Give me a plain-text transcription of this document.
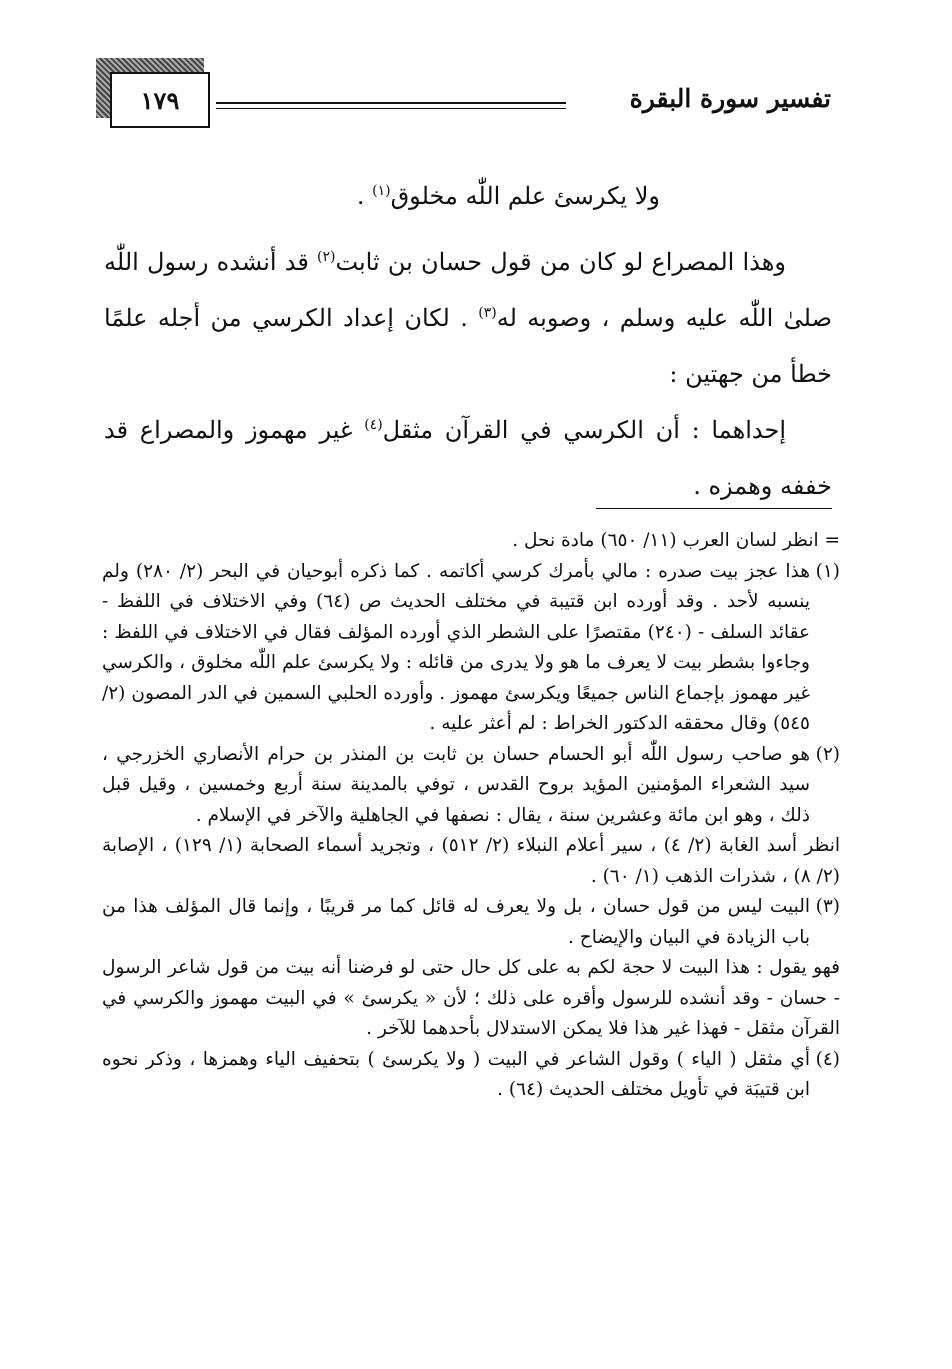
١٧٩	تفسير سورة البقرة
ولا يكرسئ علم اللّٰه مخلوق$^{(١)}$ .
وهذا المصراع لو كان من قول حسان بن ثابت$^{(٢)}$ قد أنشده رسول اللّٰه صلىٰ اللّٰه عليه وسلم ، وصوبه له$^{(٣)}$ . لكان إعداد الكرسي من أجله علمًا خطأ من جهتين :
إحداهما : أن الكرسي في القرآن مثقل$^{(٤)}$ غير مهموز والمصراع قد خففه وهمزه .
= انظر لسان العرب (١١/ ٦٥٠) مادة نحل .
(١)
هذا عجز بيت صدره : مالي بأمرك كرسي أكاتمه . كما ذكره أبوحيان في البحر (٢/ ٢٨٠) ولم ينسبه لأحد . وقد أورده ابن قتيبة في مختلف الحديث ص (٦٤) وفي الاختلاف في اللفظ - عقائد السلف - (٢٤٠) مقتصرًا على الشطر الذي أورده المؤلف فقال في الاختلاف في اللفظ : وجاءوا بشطر بيت لا يعرف ما هو ولا يدرى من قائله : ولا يكرسئ علم اللّٰه مخلوق ، والكرسي غير مهموز بإجماع الناس جميعًا ويكرسئ مهموز . وأورده الحلبي السمين في الدر المصون (٢/ ٥٤٥) وقال محققه الدكتور الخراط : لم أعثر عليه .
(٢)
هو صاحب رسول اللّٰه أبو الحسام حسان بن ثابت بن المنذر بن حرام الأنصاري الخزرجي ، سيد الشعراء المؤمنين المؤيد بروح القدس ، توفي بالمدينة سنة أربع وخمسين ، وقيل قبل ذلك ، وهو ابن مائة وعشرين سنة ، يقال : نصفها في الجاهلية والآخر في الإسلام .
انظر أسد الغابة (٢/ ٤) ، سير أعلام النبلاء (٢/ ٥١٢) ، وتجريد أسماء الصحابة (١/ ١٢٩) ، الإصابة (٢/ ٨) ، شذرات الذهب (١/ ٦٠) .
(٣)
البيت ليس من قول حسان ، بل ولا يعرف له قائل كما مر قريبًا ، وإنما قال المؤلف هذا من باب الزيادة في البيان والإيضاح .
فهو يقول : هذا البيت لا حجة لكم به على كل حال حتى لو فرضنا أنه بيت من قول شاعر الرسول - حسان - وقد أنشده للرسول وأقره على ذلك ؛ لأن « يكرسئ » في البيت مهموز والكرسي في القرآن مثقل - فهذا غير هذا فلا يمكن الاستدلال بأحدهما للآخر .
(٤)
أي مثقل ( الياء ) وقول الشاعر في البيت ( ولا يكرسئ ) بتحفيف الياء وهمزها ، وذكر نحوه ابن قتيبَة في تأويل مختلف الحديث (٦٤) .
